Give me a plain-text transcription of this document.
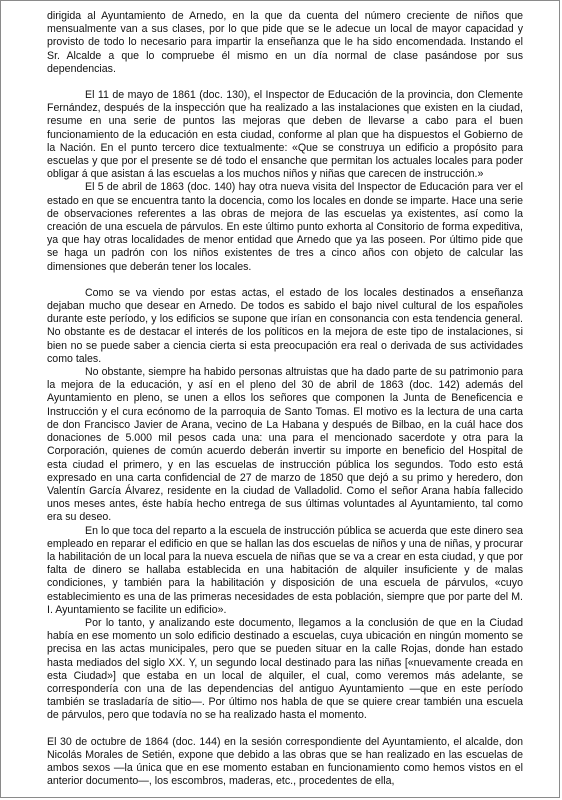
dirigida al Ayuntamiento de Arnedo, en la que da cuenta del número creciente de niños que mensualmente van a sus clases, por lo que pide que se le adecue un local de mayor capacidad y provisto de todo lo necesario para impartir la enseñanza que le ha sido encomendada. Instando el Sr. Alcalde a que lo compruebe él mismo en un día normal de clase pasándose por sus dependencias.

El 11 de mayo de 1861 (doc. 130), el Inspector de Educación de la provincia, don Clemente Fernández, después de la inspección que ha realizado a las instalaciones que existen en la ciudad, resume en una serie de puntos las mejoras que deben de llevarse a cabo para el buen funcionamiento de la educación en esta ciudad, conforme al plan que ha dispuestos el Gobierno de la Nación. En el punto tercero dice textualmente: «Que se construya un edificio a propósito para escuelas y que por el presente se dé todo el ensanche que permitan los actuales locales para poder obligar á que asistan á las escuelas a los muchos niños y niñas que carecen de instrucción.»

El 5 de abril de 1863 (doc. 140) hay otra nueva visita del Inspector de Educación para ver el estado en que se encuentra tanto la docencia, como los locales en donde se imparte. Hace una serie de observaciones referentes a las obras de mejora de las escuelas ya existentes, así como la creación de una escuela de párvulos. En este último punto exhorta al Consitorio de forma expeditiva, ya que hay otras localidades de menor entidad que Arnedo que ya las poseen. Por último pide que se haga un padrón con los niños existentes de tres a cinco años con objeto de calcular las dimensiones que deberán tener los locales.

Como se va viendo por estas actas, el estado de los locales destinados a enseñanza dejaban mucho que desear en Arnedo. De todos es sabido el bajo nivel cultural de los españoles durante este período, y los edificios se supone que irían en consonancia con esta tendencia general. No obstante es de destacar el interés de los políticos en la mejora de este tipo de instalaciones, si bien no se puede saber a ciencia cierta si esta preocupación era real o derivada de sus actividades como tales.

No obstante, siempre ha habido personas altruistas que ha dado parte de su patrimonio para la mejora de la educación, y así en el pleno del 30 de abril de 1863 (doc. 142) además del Ayuntamiento en pleno, se unen a ellos los señores que componen la Junta de Beneficencia e Instrucción y el cura ecónomo de la parroquia de Santo Tomas. El motivo es la lectura de una carta de don Francisco Javier de Arana, vecino de La Habana y después de Bilbao, en la cuál hace dos donaciones de 5.000 mil pesos cada una: una para el mencionado sacerdote y otra para la Corporación, quienes de común acuerdo deberán invertir su importe en beneficio del Hospital de esta ciudad el primero, y en las escuelas de instrucción pública los segundos. Todo esto está expresado en una carta confidencial de 27 de marzo de 1850 que dejó a su primo y heredero, don Valentín García Álvarez, residente en la ciudad de Valladolid. Como el señor Arana había fallecido unos meses antes, éste había hecho entrega de sus últimas voluntades al Ayuntamiento, tal como era su deseo.

En lo que toca del reparto a la escuela de instrucción pública se acuerda que este dinero sea empleado en reparar el edificio en que se hallan las dos escuelas de niños y una de niñas, y procurar la habilitación de un local para la nueva escuela de niñas que se va a crear en esta ciudad, y que por falta de dinero se hallaba establecida en una habitación de alquiler insuficiente y de malas condiciones, y también para la habilitación y disposición de una escuela de párvulos, «cuyo establecimiento es una de las primeras necesidades de esta población, siempre que por parte del M. I. Ayuntamiento se facilite un edificio».

Por lo tanto, y analizando este documento, llegamos a la conclusión de que en la Ciudad había en ese momento un solo edificio destinado a escuelas, cuya ubicación en ningún momento se precisa en las actas municipales, pero que se pueden situar en la calle Rojas, donde han estado hasta mediados del siglo XX. Y, un segundo local destinado para las niñas [«nuevamente creada en esta Ciudad»] que estaba en un local de alquiler, el cual, como veremos más adelante, se correspondería con una de las dependencias del antiguo Ayuntamiento —que en este período también se trasladaría de sitio—. Por último nos habla de que se quiere crear también una escuela de párvulos, pero que todavía no se ha realizado hasta el momento.

El 30 de octubre de 1864 (doc. 144) en la sesión correspondiente del Ayuntamiento, el alcalde, don Nicolás Morales de Setién, expone que debido a las obras que se han realizado en las escuelas de ambos sexos —la única que en ese momento estaban en funcionamiento como hemos vistos en el anterior documento—, los escombros, maderas, etc., procedentes de ella,
